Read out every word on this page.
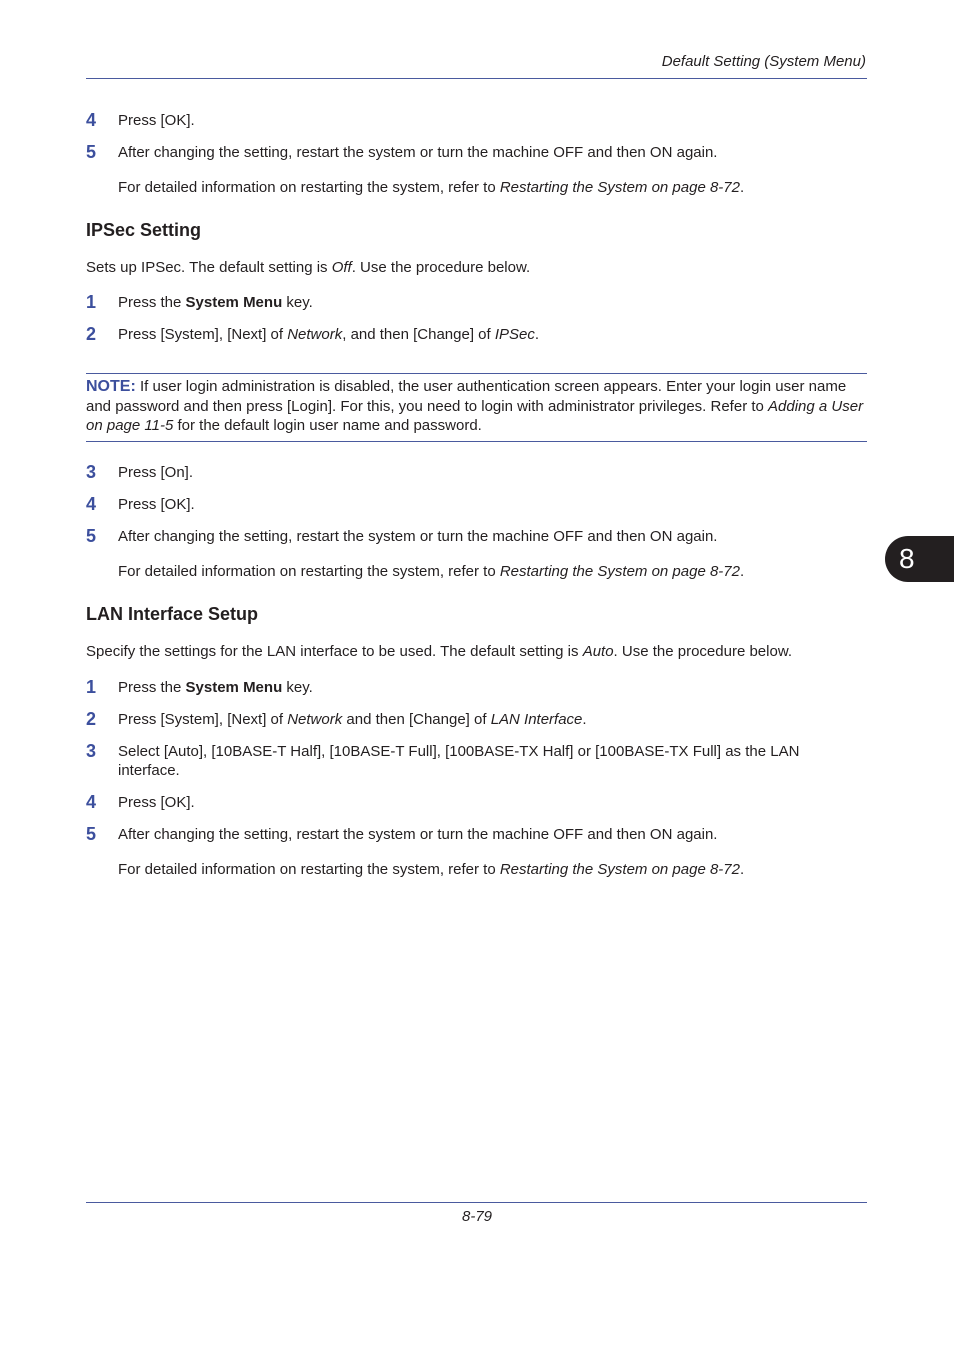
Default Setting (System Menu)
4 Press [OK].
5 After changing the setting, restart the system or turn the machine OFF and then ON again.
For detailed information on restarting the system, refer to Restarting the System on page 8-72.
IPSec Setting
Sets up IPSec. The default setting is Off. Use the procedure below.
1 Press the System Menu key.
2 Press [System], [Next] of Network, and then [Change] of IPSec.
NOTE: If user login administration is disabled, the user authentication screen appears. Enter your login user name and password and then press [Login]. For this, you need to login with administrator privileges. Refer to Adding a User on page 11-5 for the default login user name and password.
3 Press [On].
4 Press [OK].
5 After changing the setting, restart the system or turn the machine OFF and then ON again.
For detailed information on restarting the system, refer to Restarting the System on page 8-72.	8
LAN Interface Setup
Specify the settings for the LAN interface to be used. The default setting is Auto. Use the procedure below.
1 Press the System Menu key.
2 Press [System], [Next] of Network and then [Change] of LAN Interface.
3 Select [Auto], [10BASE-T Half], [10BASE-T Full], [100BASE-TX Half] or [100BASE-TX Full] as the LAN
interface.
4 Press [OK].
5 After changing the setting, restart the system or turn the machine OFF and then ON again.
For detailed information on restarting the system, refer to Restarting the System on page 8-72.
8-79
